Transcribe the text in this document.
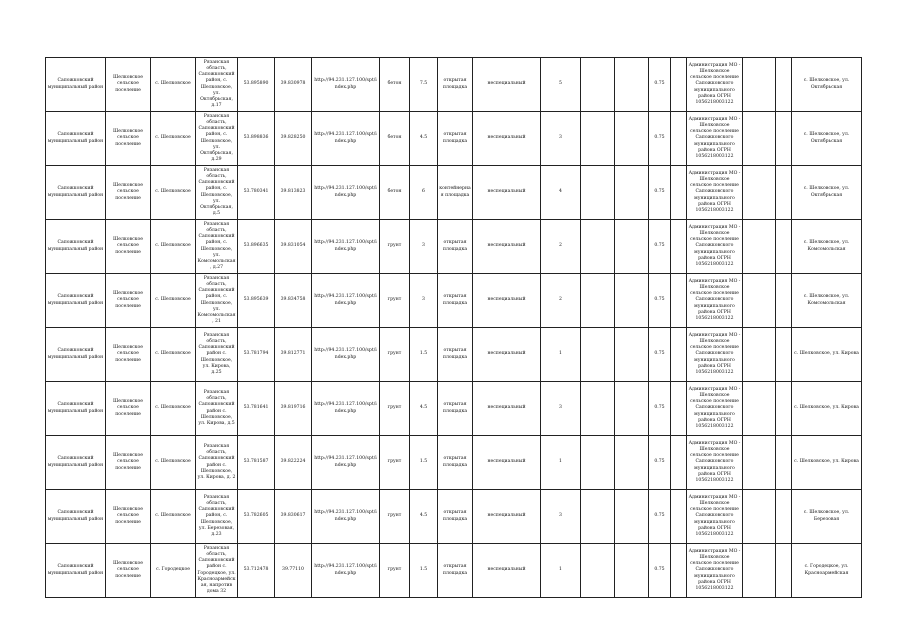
Сапожковский муниципальный район	Шелковское сельское поселение	с. Шелковское	Рязанская область, Сапожковский район, с. Шелковское, ул. Октябрьская, д.17	53.895890	39.830978	http://94.231.127.100/spt/index.php	бетон	7.5	открытая площадка	неспециальный	5			0.75		Администрация МО - Шелковское сельское поселение Сапожковского муниципального района ОГРН 1056218003122			с. Шелковское, ул. Октябрьская
Сапожковский муниципальный район	Шелковское сельское поселение	с. Шелковское	Рязанская область, Сапожковский район, с. Шелковское, ул. Октябрьская, д.29	53.898836	39.828250	http://94.231.127.100/spt/index.php	бетон	4.5	открытая площадка	неспециальный	3			0.75		Администрация МО - Шелковское сельское поселение Сапожковского муниципального района ОГРН 1056218003122			с. Шелковское, ул. Октябрьская
Сапожковский муниципальный район	Шелковское сельское поселение	с. Шелковское	Рязанская область, Сапожковский район, с. Шелковское, ул. Октябрьская, д.5	53.780341	39.813823	http://94.231.127.100/spt/index.php	бетон	6	контейнерная площадка	неспециальный	4			0.75		Администрация МО - Шелковское сельское поселение Сапожковского муниципального района ОГРН 1056218003122			с. Шелковское, ул. Октябрьская
Сапожковский муниципальный район	Шелковское сельское поселение	с. Шелковское	Рязанская область, Сапожковский район, с. Шелковское, ул. Комсомольская, д.27	53.896635	39.831054	http://94.231.127.100/spt/index.php	грунт	3	открытая площадка	неспециальный	2			0.75		Администрация МО - Шелковское сельское поселение Сапожковского муниципального района ОГРН 1056218003122			с. Шелковское, ул. Комсомольская
Сапожковский муниципальный район	Шелковское сельское поселение	с. Шелковское	Рязанская область, Сапожковский район, с. Шелковское, ул. Комсомольская, 21	53.895639	39.834758	http://94.231.127.100/spt/index.php	грунт	3	открытая площадка	неспециальный	2			0.75		Администрация МО - Шелковское сельское поселение Сапожковского муниципального района ОГРН 1056218003122			с. Шелковское, ул. Комсомольская
Сапожковский муниципальный район	Шелковское сельское поселение	с. Шелковское	Рязанская область, Сапожковский район с. Шелковское, ул. Кирова, д.25	53.781794	39.812771	http://94.231.127.100/spt/index.php	грунт	1.5	открытая площадка	неспециальный	1			0.75		Администрация МО - Шелковское сельское поселение Сапожковского муниципального района ОГРН 1056218003122			с. Шелковское, ул. Кирова
Сапожковский муниципальный район	Шелковское сельское поселение	с. Шелковское	Рязанская область, Сапожковский район с. Шелковское, ул. Кирова, д.5	53.781641	39.819716	http://94.231.127.100/spt/index.php	грунт	4.5	открытая площадка	неспециальный	3			0.75		Администрация МО - Шелковское сельское поселение Сапожковского муниципального района ОГРН 1056218003122			с. Шелковское, ул. Кирова
Сапожковский муниципальный район	Шелковское сельское поселение	с. Шелковское	Рязанская область, Сапожковский район с. Шелковское, ул. Кирова, д. 2	53.781587	39.822224	http://94.231.127.100/spt/index.php	грунт	1.5	открытая площадка	неспециальный	1			0.75		Администрация МО - Шелковское сельское поселение Сапожковского муниципального района ОГРН 1056218003122			с. Шелковское, ул. Кирова
Сапожковский муниципальный район	Шелковское сельское поселение	с. Шелковское	Рязанская область, Сапожковский район, с. Шелковское, ул. Березовая, д.23	53.782605	39.830617	http://94.231.127.100/spt/index.php	грунт	4.5	открытая площадка	неспециальный	3			0.75		Администрация МО - Шелковское сельское поселение Сапожковского муниципального района ОГРН 1056218003122			с. Шелковское, ул. Березовая
Сапожковский муниципальный район	Шелковское сельское поселение	с. Городецкое	Рязанская область, Сапожковский район с. Городецкое, ул. Красноармейская, напротив дома 32	53.712478	39.77110	http://94.231.127.100/spt/index.php	грунт	1.5	открытая площадка	неспециальный	1			0.75		Администрация МО - Шелковское сельское поселение Сапожковского муниципального района ОГРН 1056218003122			с. Городецкое, ул. Красноармейская
